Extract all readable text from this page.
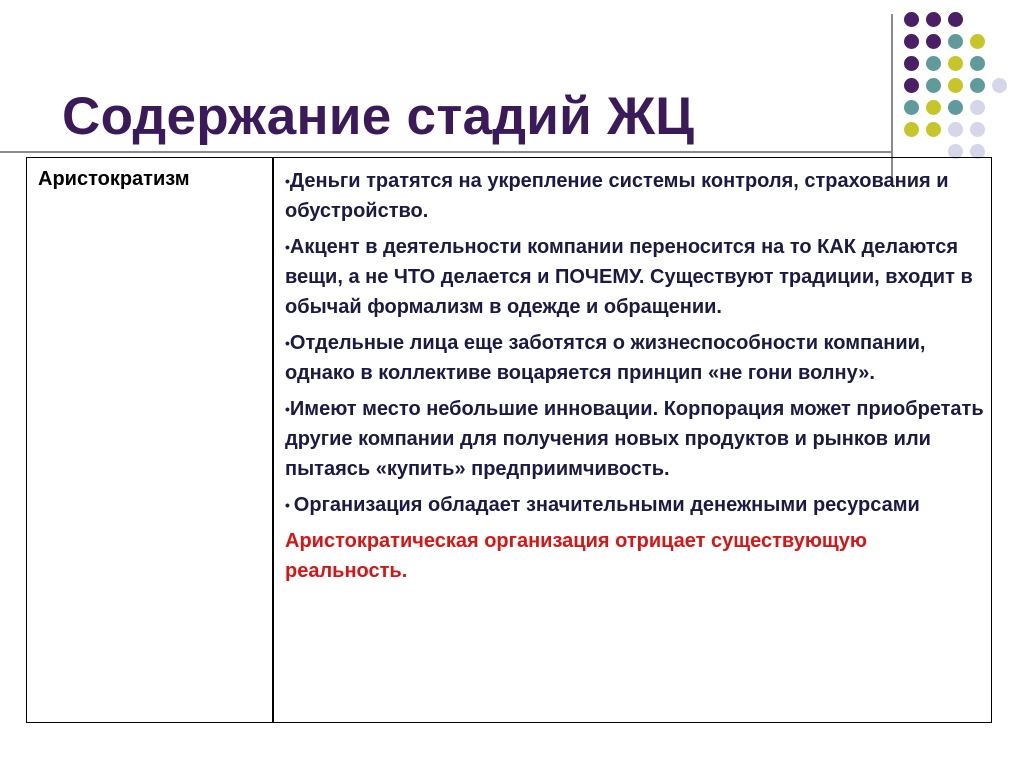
Содержание стадий ЖЦ
Аристократизм	•Деньги тратятся на укрепление системы контроля, страхования и обустройство.
•Акцент в деятельности компании переносится на то КАК делаются вещи, а не ЧТО делается и ПОЧЕМУ. Существуют традиции, входит в обычай формализм в одежде и обращении.
•Отдельные лица еще заботятся о жизнеспособности компании, однако в коллективе воцаряется принцип «не гони волну».
•Имеют место небольшие инновации. Корпорация может приобретать другие компании для получения новых продуктов и рынков или пытаясь «купить» предприимчивость.
• Организация обладает значительными денежными ресурсами
Аристократическая организация отрицает существующую реальность.
